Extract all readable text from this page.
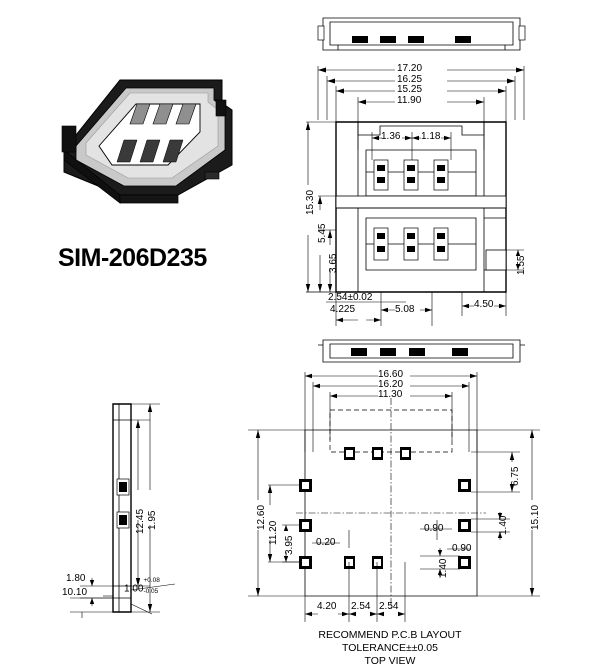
SIM-206D235
17.20
16.25
15.25
11.90
1.36 1.18
15.30
5.45
3.65	1.55
2.54±0.02
4.225	5.08	4.50
12.45 1.95
1.80
10.10	1.00+0.08
-0.05
16.60
16.20
11.30
12.60
11.20
3.95
15.10
6.75
1.40
1.40
0.20
0.90
0.90
4.20 2.54 2.54
RECOMMEND P.C.B LAYOUT
TOLERANCE±±0.05
TOP VIEW
